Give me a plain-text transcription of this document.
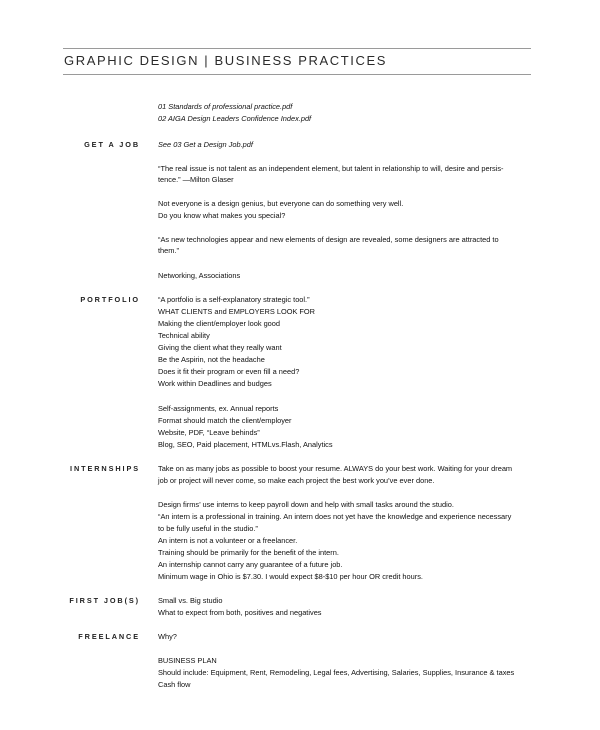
GRAPHIC DESIGN | BUSINESS PRACTICES
01 Standards of professional practice.pdf
02 AIGA Design Leaders Confidence Index.pdf
GET A JOB See 03 Get a Design Job.pdf
“The real issue is not talent as an independent element, but talent in relationship to will, desire and persis-
tence.” —Milton Glaser
Not everyone is a design genius, but everyone can do something very well.
Do you know what makes you special?
“As new technologies appear and new elements of design are revealed, some designers are attracted to
them.”
Networking, Associations
PORTFOLIO “A portfolio is a self-explanatory strategic tool.”
WHAT CLIENTS and EMPLOYERS LOOK FOR
Making the client/employer look good
Technical ability
Giving the client what they really want
Be the Aspirin, not the headache
Does it fit their program or even fill a need?
Work within Deadlines and budges
Self-assignments, ex. Annual reports
Format should match the client/employer
Website, PDF, “Leave behinds”
Blog, SEO, Paid placement, HTMLvs.Flash, Analytics
INTERNSHIPS Take on as many jobs as possible to boost your resume. ALWAYS do your best work. Waiting for your dream
job or project will never come, so make each project the best work you’ve ever done.
Design firms’ use interns to keep payroll down and help with small tasks around the studio.
“An intern is a professional in training. An intern does not yet have the knowledge and experience necessary
to be fully useful in the studio.”
An intern is not a volunteer or a freelancer.
Training should be primarily for the benefit of the intern.
An internship cannot carry any guarantee of a future job.
Minimum wage in Ohio is $7.30. I would expect $8-$10 per hour OR credit hours.
FIRST JOB(S) Small vs. Big studio
What to expect from both, positives and negatives
FREELANCE Why?
BUSINESS PLAN
Should include: Equipment, Rent, Remodeling, Legal fees, Advertising, Salaries, Supplies, Insurance & taxes
Cash flow
